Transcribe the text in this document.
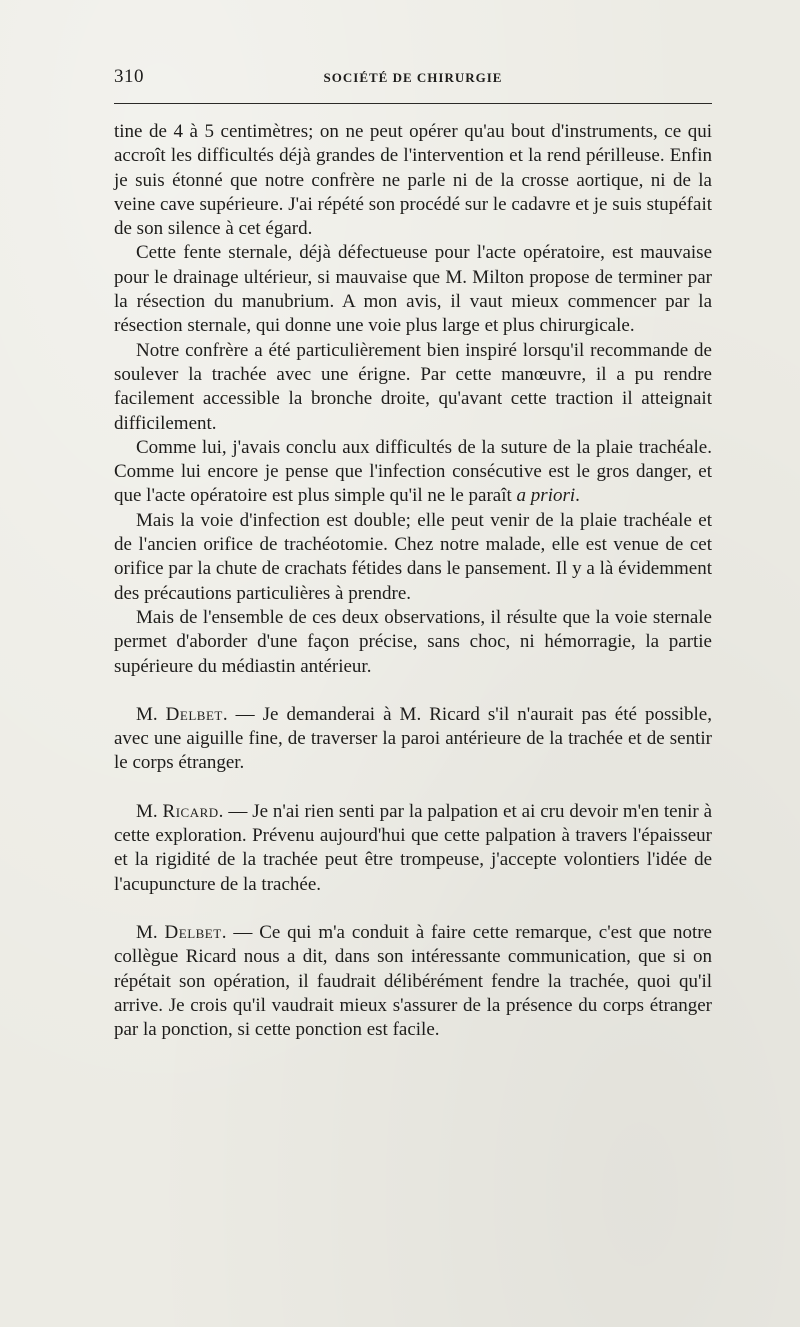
310	SOCIÉTÉ DE CHIRURGIE

tine de 4 à 5 centimètres; on ne peut opérer qu'au bout d'instruments, ce qui accroît les difficultés déjà grandes de l'intervention et la rend périlleuse. Enfin je suis étonné que notre confrère ne parle ni de la crosse aortique, ni de la veine cave supérieure. J'ai répété son procédé sur le cadavre et je suis stupéfait de son silence à cet égard.

Cette fente sternale, déjà défectueuse pour l'acte opératoire, est mauvaise pour le drainage ultérieur, si mauvaise que M. Milton propose de terminer par la résection du manubrium. A mon avis, il vaut mieux commencer par la résection sternale, qui donne une voie plus large et plus chirurgicale.

Notre confrère a été particulièrement bien inspiré lorsqu'il recommande de soulever la trachée avec une érigne. Par cette manœuvre, il a pu rendre facilement accessible la bronche droite, qu'avant cette traction il atteignait difficilement.

Comme lui, j'avais conclu aux difficultés de la suture de la plaie trachéale. Comme lui encore je pense que l'infection consécutive est le gros danger, et que l'acte opératoire est plus simple qu'il ne le paraît a priori.

Mais la voie d'infection est double; elle peut venir de la plaie trachéale et de l'ancien orifice de trachéotomie. Chez notre malade, elle est venue de cet orifice par la chute de crachats fétides dans le pansement. Il y a là évidemment des précautions particulières à prendre.

Mais de l'ensemble de ces deux observations, il résulte que la voie sternale permet d'aborder d'une façon précise, sans choc, ni hémorragie, la partie supérieure du médiastin antérieur.

M. Delbet. — Je demanderai à M. Ricard s'il n'aurait pas été possible, avec une aiguille fine, de traverser la paroi antérieure de la trachée et de sentir le corps étranger.

M. Ricard. — Je n'ai rien senti par la palpation et ai cru devoir m'en tenir à cette exploration. Prévenu aujourd'hui que cette palpation à travers l'épaisseur et la rigidité de la trachée peut être trompeuse, j'accepte volontiers l'idée de l'acupuncture de la trachée.

M. Delbet. — Ce qui m'a conduit à faire cette remarque, c'est que notre collègue Ricard nous a dit, dans son intéressante communication, que si on répétait son opération, il faudrait délibérément fendre la trachée, quoi qu'il arrive. Je crois qu'il vaudrait mieux s'assurer de la présence du corps étranger par la ponction, si cette ponction est facile.
